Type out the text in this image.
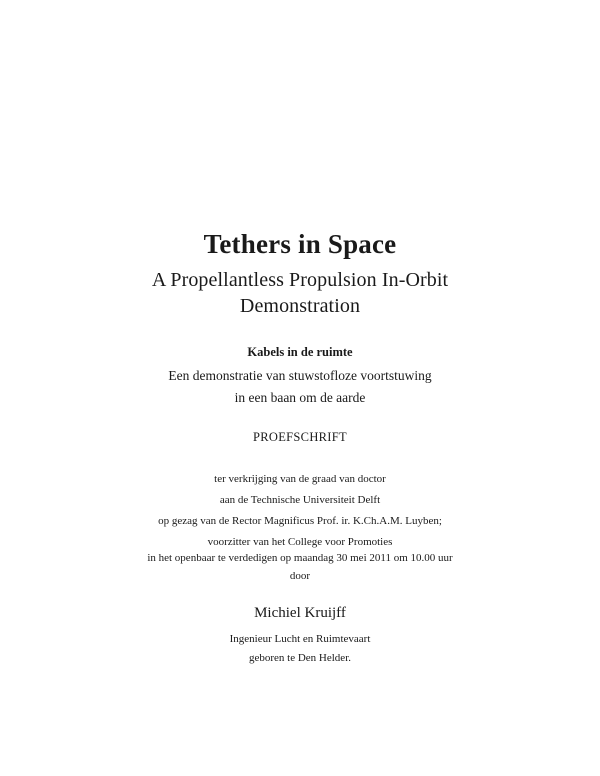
Tethers in Space
A Propellantless Propulsion In-Orbit
Demonstration
Kabels in de ruimte
Een demonstratie van stuwstofloze voortstuwing
in een baan om de aarde
PROEFSCHRIFT
ter verkrijging van de graad van doctor
aan de Technische Universiteit Delft
op gezag van de Rector Magnificus Prof. ir. K.Ch.A.M. Luyben;
voorzitter van het College voor Promoties
in het openbaar te verdedigen op maandag 30 mei 2011 om 10.00 uur
door
Michiel Kruijff
Ingenieur Lucht en Ruimtevaart
geboren te Den Helder.
